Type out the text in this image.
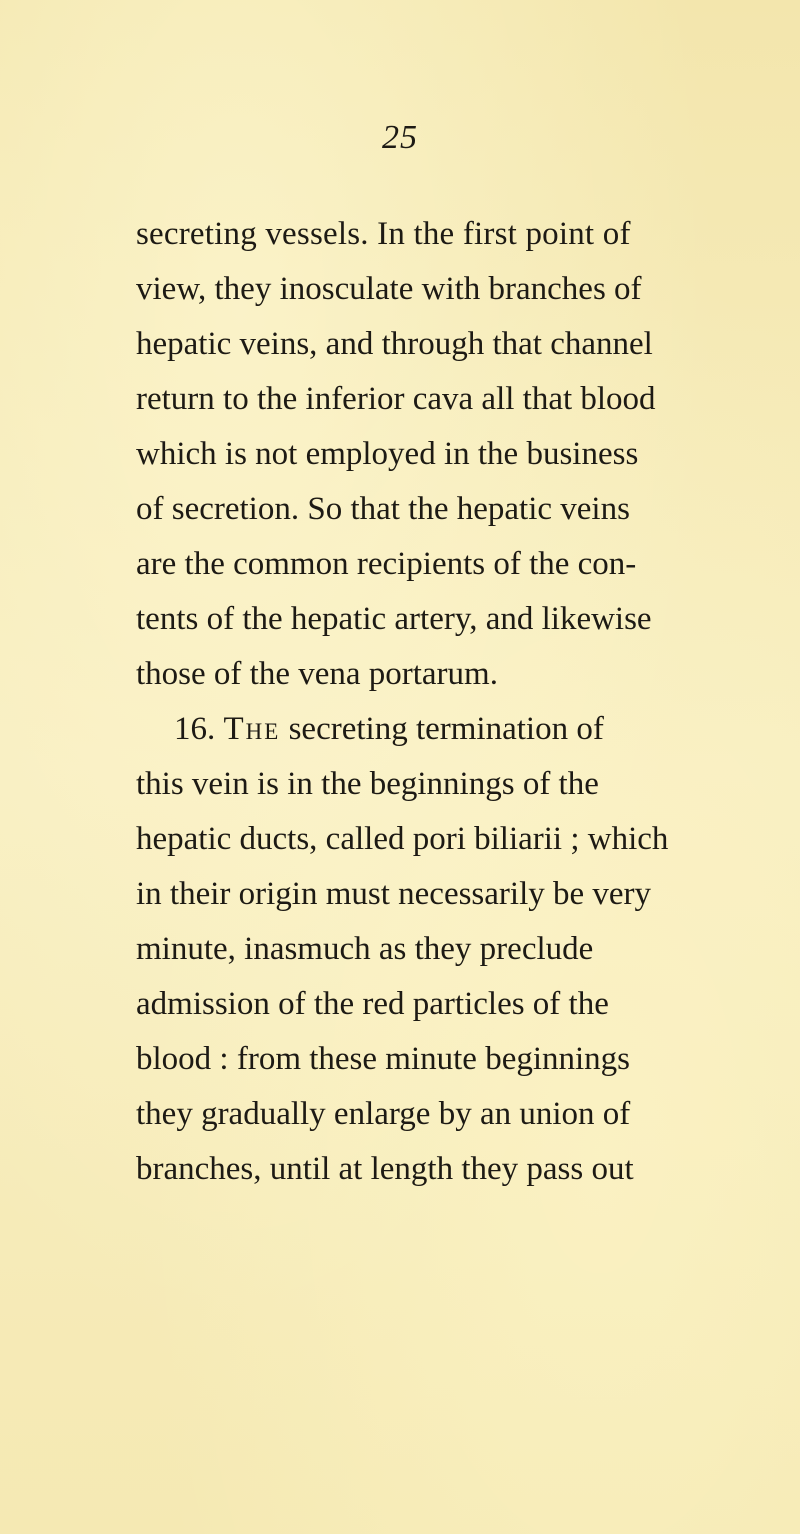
25
secreting vessels. In the first point of
view, they inosculate with branches of
hepatic veins, and through that channel
return to the inferior cava all that blood
which is not employed in the business
of secretion. So that the hepatic veins
are the common recipients of the con-
tents of the hepatic artery, and likewise
those of the vena portarum.
16. The secreting termination of
this vein is in the beginnings of the
hepatic ducts, called pori biliarii ; which
in their origin must necessarily be very
minute, inasmuch as they preclude
admission of the red particles of the
blood : from these minute beginnings
they gradually enlarge by an union of
branches, until at length they pass out
